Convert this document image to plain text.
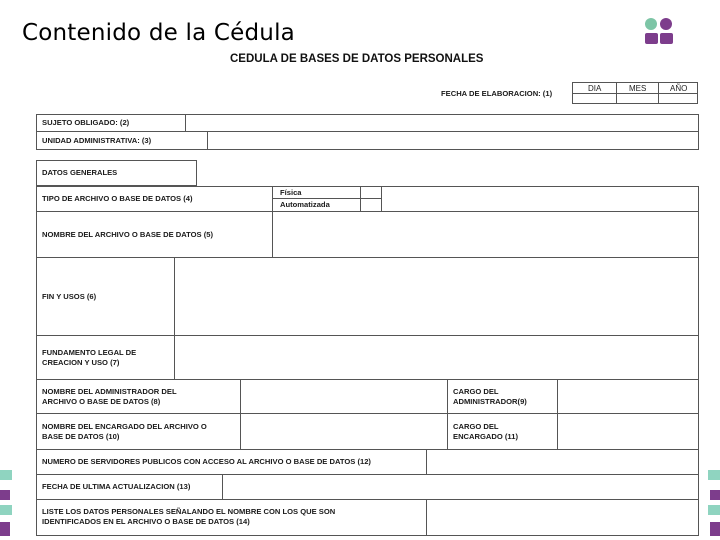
Contenido de la Cédula
CEDULA DE BASES DE DATOS PERSONALES
FECHA DE ELABORACION: (1)
DIA	MES	AÑO
SUJETO OBLIGADO: (2)
UNIDAD ADMINISTRATIVA: (3)
DATOS GENERALES
TIPO DE ARCHIVO O BASE DE DATOS (4)
Física
Automatizada
NOMBRE DEL ARCHIVO O BASE DE DATOS (5)
FIN Y USOS (6)
FUNDAMENTO LEGAL DE
CREACION Y USO (7)
NOMBRE DEL ADMINISTRADOR DEL
ARCHIVO O BASE DE DATOS (8)
CARGO DEL
ADMINISTRADOR(9)
NOMBRE DEL ENCARGADO DEL ARCHIVO O
BASE DE DATOS (10)
CARGO DEL
ENCARGADO (11)
NUMERO DE SERVIDORES PUBLICOS CON ACCESO AL ARCHIVO O BASE DE DATOS (12)
FECHA DE ULTIMA ACTUALIZACION (13)
LISTE LOS DATOS PERSONALES SEÑALANDO EL NOMBRE CON LOS QUE SON
IDENTIFICADOS EN EL ARCHIVO O BASE DE DATOS (14)
